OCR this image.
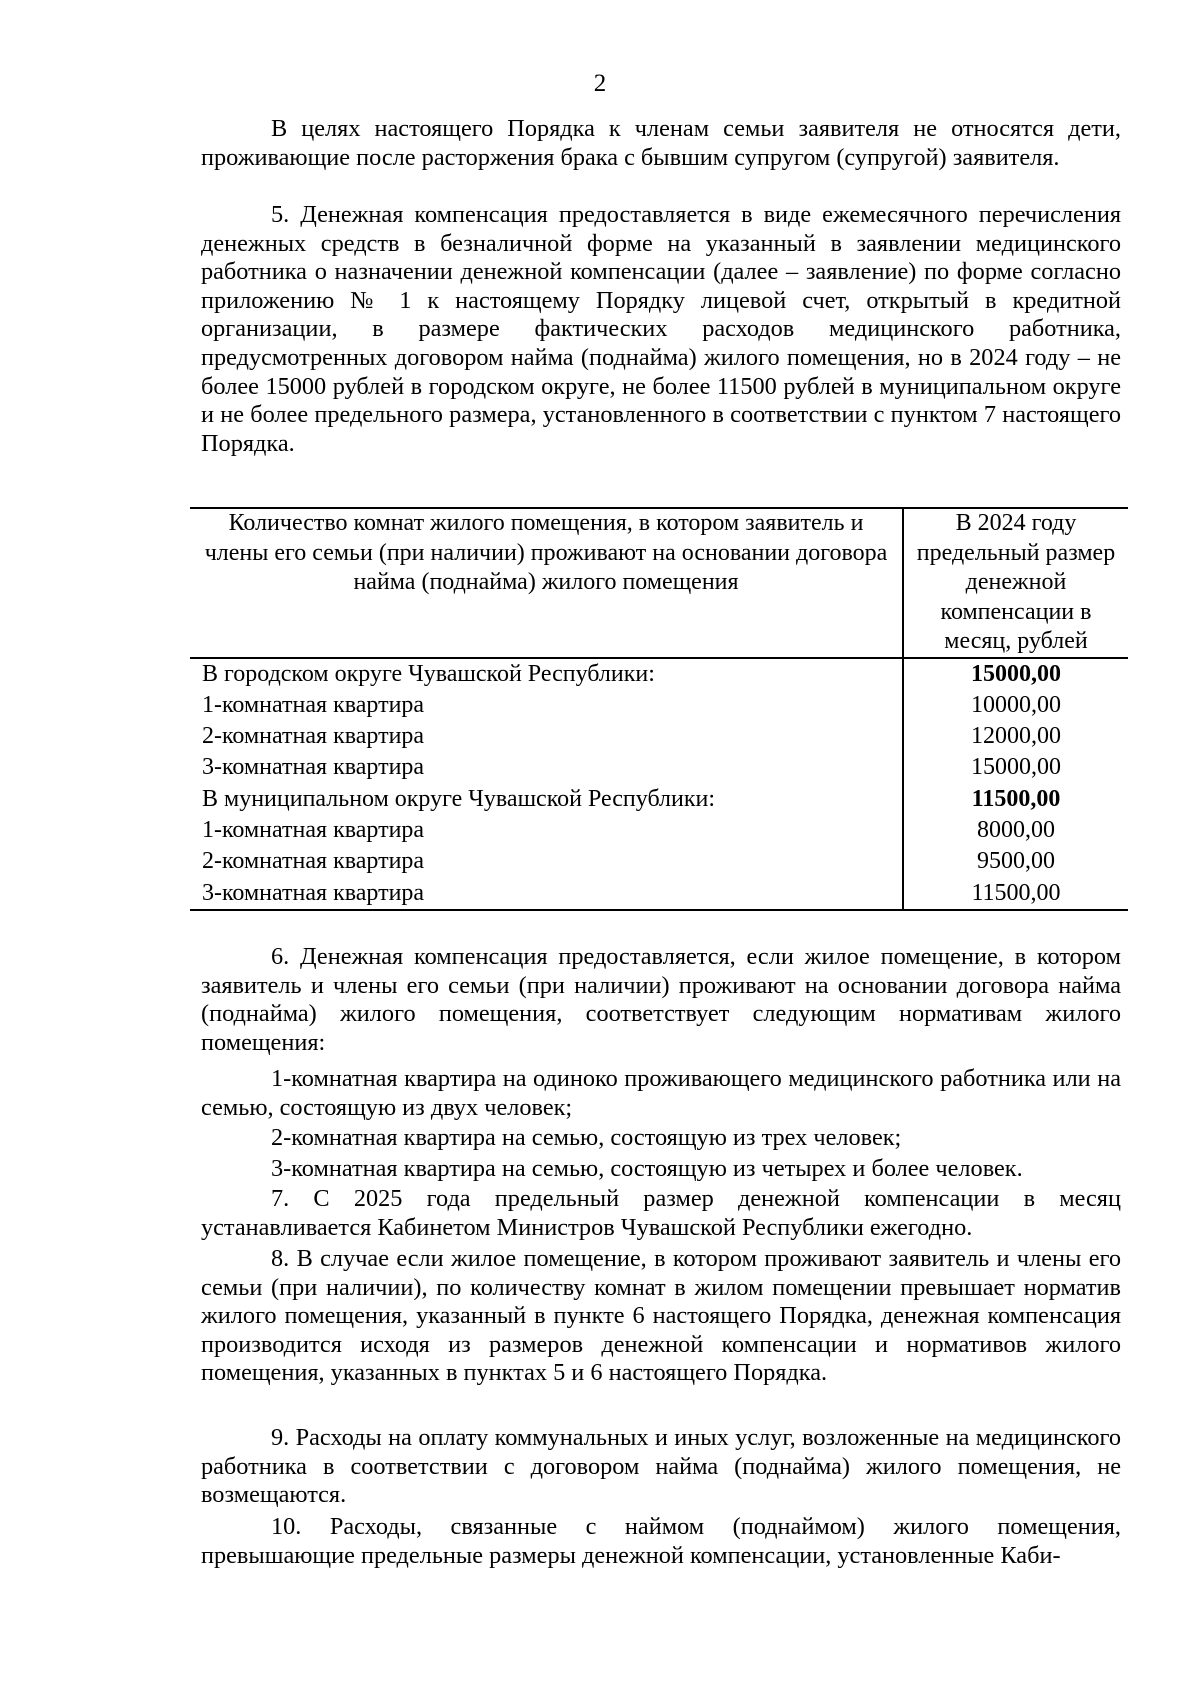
2

В целях настоящего Порядка к членам семьи заявителя не относятся дети, проживающие после расторжения брака с бывшим супругом (супругой) заявителя.

5. Денежная компенсация предоставляется в виде ежемесячного перечисления денежных средств в безналичной форме на указанный в заявлении медицинского работника о назначении денежной компенсации (далее – заявление) по форме согласно приложению № 1 к настоящему Порядку лицевой счет, открытый в кредитной организации, в размере фактических расходов медицинского работника, предусмотренных договором найма (поднайма) жилого помещения, но в 2024 году – не более 15000 рублей в городском округе, не более 11500 рублей в муниципальном округе и не более предельного размера, установленного в соответствии с пунктом 7 настоящего Порядка.

Количество комнат жилого помещения, в котором заявитель и члены его семьи (при наличии) проживают на основании договора найма (поднайма) жилого помещения	В 2024 году предельный размер денежной компенсации в месяц, рублей
В городском округе Чувашской Республики:	15000,00
1-комнатная квартира	10000,00
2-комнатная квартира	12000,00
3-комнатная квартира	15000,00
В муниципальном округе Чувашской Республики:	11500,00
1-комнатная квартира	8000,00
2-комнатная квартира	9500,00
3-комнатная квартира	11500,00

6. Денежная компенсация предоставляется, если жилое помещение, в котором заявитель и члены его семьи (при наличии) проживают на основании договора найма (поднайма) жилого помещения, соответствует следующим нормативам жилого помещения:

1-комнатная квартира на одиноко проживающего медицинского работника или на семью, состоящую из двух человек;

2-комнатная квартира на семью, состоящую из трех человек;

3-комнатная квартира на семью, состоящую из четырех и более человек.

7. С 2025 года предельный размер денежной компенсации в месяц устанавливается Кабинетом Министров Чувашской Республики ежегодно.

8. В случае если жилое помещение, в котором проживают заявитель и члены его семьи (при наличии), по количеству комнат в жилом помещении превышает норматив жилого помещения, указанный в пункте 6 настоящего Порядка, денежная компенсация производится исходя из размеров денежной компенсации и нормативов жилого помещения, указанных в пунктах 5 и 6 настоящего Порядка.

9. Расходы на оплату коммунальных и иных услуг, возложенные на медицинского работника в соответствии с договором найма (поднайма) жилого помещения, не возмещаются.

10. Расходы, связанные с наймом (поднаймом) жилого помещения, превышающие предельные размеры денежной компенсации, установленные Каби-
